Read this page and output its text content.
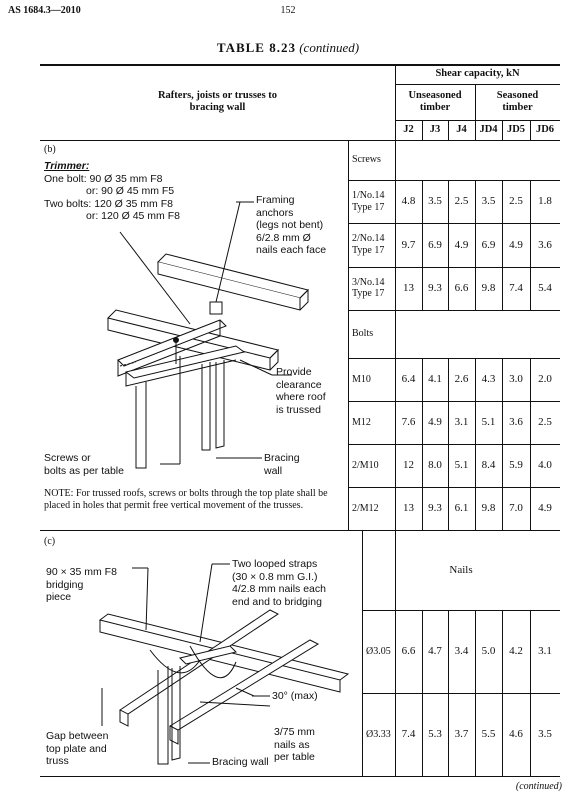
AS 1684.3—2010	152
TABLE 8.23 (continued)
Rafters, joists or trusses to bracing wall
Shear capacity, kN
Unseasoned timber
Seasoned timber
J2	J3	J4	JD4 JD5	JD6
Screws
Bolts
Nails
(b)
Trimmer:
One bolt: 90 Ø 35 mm F8
or: 90 Ø 45 mm F5
Two bolts: 120 Ø 35 mm F8
or: 120 Ø 45 mm F8
Framing
anchors
(legs not bent)
6/2.8 mm Ø
nails each face
Provide
clearance
where roof
is trussed
Screws or
bolts as per table
Bracing
wall
NOTE: For trussed roofs, screws or bolts through the top plate shall be placed in holes that permit free vertical movement of the trusses.
(c)
90 × 35 mm F8
bridging
piece
Two looped straps
(30 × 0.8 mm G.I.)
4/2.8 mm nails each
end and to bridging
30° (max)
Gap between
top plate and
truss
3/75 mm
nails as
per table
Bracing wall
(continued)
1/No.14 Type 17	4.8	3.5	2.5	3.5	2.5	1.8
2/No.14 Type 17	9.7	6.9	4.9	6.9	4.9	3.6
3/No.14 Type 17	13	9.3	6.6	9.8	7.4	5.4
M10	6.4	4.1	2.6	4.3	3.0	2.0
M12	7.6	4.9	3.1	5.1	3.6	2.5
2/M10	12	8.0	5.1	8.4	5.9	4.0
2/M12	13	9.3	6.1	9.8	7.0	4.9
Ø3.05 6.6	4.7	3.4	5.0	4.2	3.1
Ø3.33 7.4	5.3	3.7	5.5	4.6	3.5
